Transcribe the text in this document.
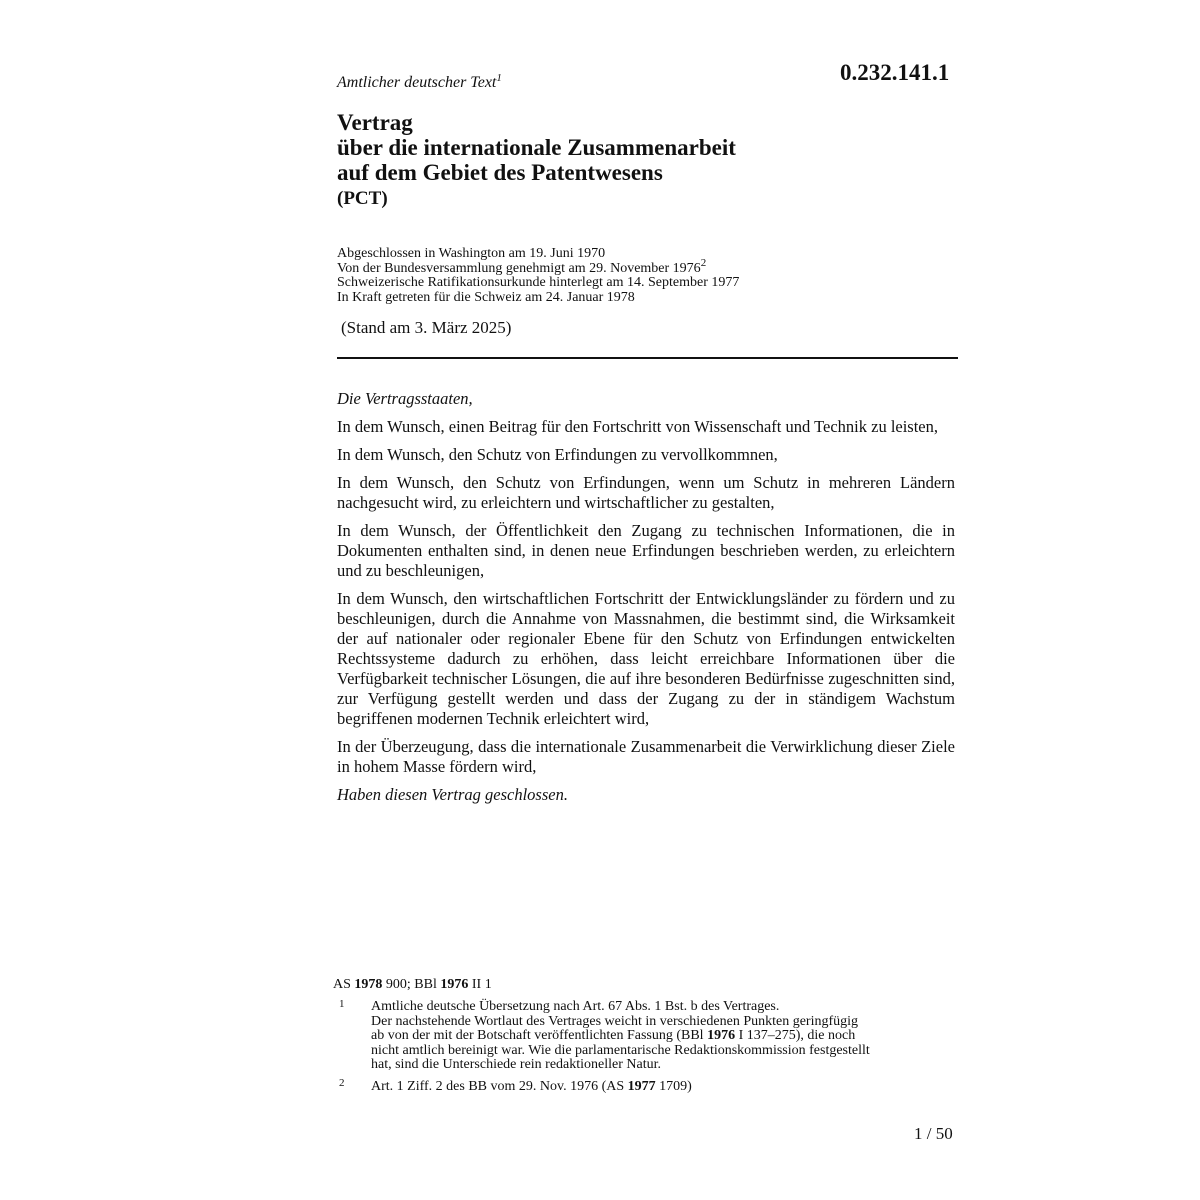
0.232.141.1
Amtlicher deutscher Text$^1$
Vertrag
über die internationale Zusammenarbeit
auf dem Gebiet des Patentwesens
(PCT)
Abgeschlossen in Washington am 19. Juni 1970
Von der Bundesversammlung genehmigt am 29. November 1976$^2$
Schweizerische Ratifikationsurkunde hinterlegt am 14. September 1977
In Kraft getreten für die Schweiz am 24. Januar 1978
(Stand am 3. März 2025)

Die Vertragsstaaten,

In dem Wunsch, einen Beitrag für den Fortschritt von Wissenschaft und Technik zu leisten,

In dem Wunsch, den Schutz von Erfindungen zu vervollkommnen,

In dem Wunsch, den Schutz von Erfindungen, wenn um Schutz in mehreren Ländern nachgesucht wird, zu erleichtern und wirtschaftlicher zu gestalten,

In dem Wunsch, der Öffentlichkeit den Zugang zu technischen Informationen, die in Dokumenten enthalten sind, in denen neue Erfindungen beschrieben werden, zu erleichtern und zu beschleunigen,

In dem Wunsch, den wirtschaftlichen Fortschritt der Entwicklungsländer zu fördern und zu beschleunigen, durch die Annahme von Massnahmen, die bestimmt sind, die Wirksamkeit der auf nationaler oder regionaler Ebene für den Schutz von Erfindungen entwickelten Rechtssysteme dadurch zu erhöhen, dass leicht erreichbare Informationen über die Verfügbarkeit technischer Lösungen, die auf ihre besonderen Bedürfnisse zugeschnitten sind, zur Verfügung gestellt werden und dass der Zugang zu der in ständigem Wachstum begriffenen modernen Technik erleichtert wird,

In der Überzeugung, dass die internationale Zusammenarbeit die Verwirklichung dieser Ziele in hohem Masse fördern wird,

Haben diesen Vertrag geschlossen.

AS 1978 900; BBl 1976 II 1
1 Amtliche deutsche Übersetzung nach Art. 67 Abs. 1 Bst. b des Vertrages.
Der nachstehende Wortlaut des Vertrages weicht in verschiedenen Punkten geringfügig
ab von der mit der Botschaft veröffentlichten Fassung (BBl 1976 I 137–275), die noch
nicht amtlich bereinigt war. Wie die parlamentarische Redaktionskommission festgestellt
hat, sind die Unterschiede rein redaktioneller Natur.
2 Art. 1 Ziff. 2 des BB vom 29. Nov. 1976 (AS 1977 1709)
1 / 50
